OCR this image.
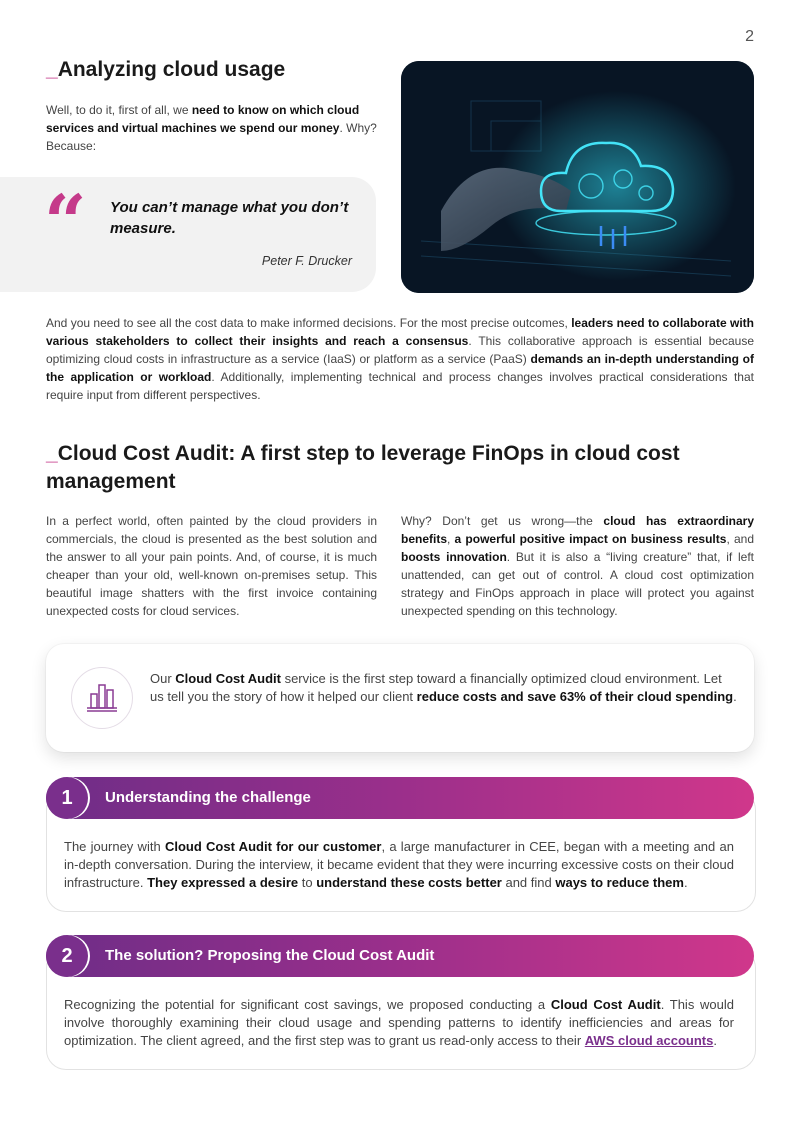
2
_Analyzing cloud usage
Well, to do it, first of all, we need to know on which cloud services and virtual machines we spend our money. Why? Because:
“ You can’t manage what you don’t measure.
Peter F. Drucker
And you need to see all the cost data to make informed decisions. For the most precise outcomes, leaders need to collaborate with various stakeholders to collect their insights and reach a consensus. This collaborative approach is essential because optimizing cloud costs in infrastructure as a service (IaaS) or platform as a service (PaaS) demands an in-depth understanding of the application or workload. Additionally, implementing technical and process changes involves practical considerations that require input from different perspectives.
_Cloud Cost Audit: A first step to leverage FinOps in cloud cost management
In a perfect world, often painted by the cloud providers in commercials, the cloud is presented as the best solution and the answer to all your pain points. And, of course, it is much cheaper than your old, well-known on-premises setup. This beautiful image shatters with the first invoice containing unexpected costs for cloud services.
Why? Don’t get us wrong—the cloud has extraordinary benefits, a powerful positive impact on business results, and boosts innovation. But it is also a “living creature” that, if left unattended, can get out of control. A cloud cost optimization strategy and FinOps approach in place will protect you against unexpected spending on this technology.
Our Cloud Cost Audit service is the first step toward a financially optimized cloud environment. Let us tell you the story of how it helped our client reduce costs and save 63% of their cloud spending.
1	Understanding the challenge
The journey with Cloud Cost Audit for our customer, a large manufacturer in CEE, began with a meeting and an in-depth conversation. During the interview, it became evident that they were incurring excessive costs on their cloud infrastructure. They expressed a desire to understand these costs better and find ways to reduce them.
2	The solution? Proposing the Cloud Cost Audit
Recognizing the potential for significant cost savings, we proposed conducting a Cloud Cost Audit. This would involve thoroughly examining their cloud usage and spending patterns to identify inefficiencies and areas for optimization. The client agreed, and the first step was to grant us read-only access to their AWS cloud accounts.
